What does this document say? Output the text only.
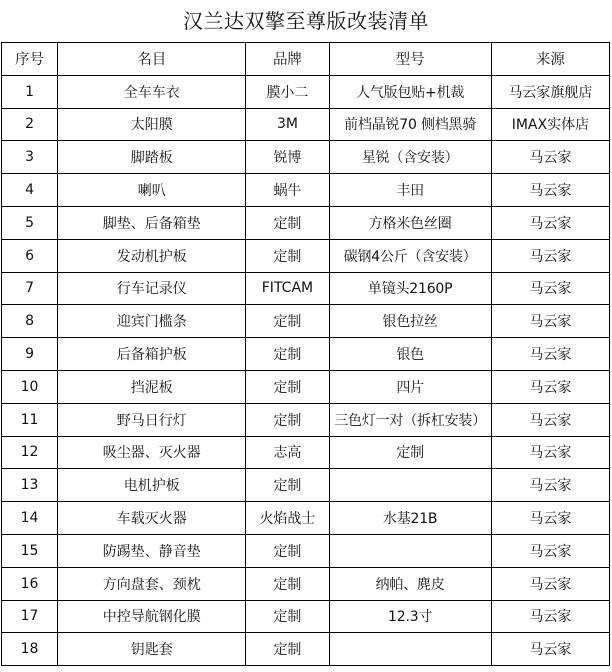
汉兰达双擎至尊版改装清单
序号	名目	品牌	型号	来源
1	全车车衣	膜小二	人气版包贴+机裁	马云家旗舰店
2	太阳膜	3M	前档晶锐70 侧档黑骑	IMAX实体店
3	脚踏板	锐博	星锐（含安装）	马云家
4	喇叭	蜗牛	丰田	马云家
5	脚垫、后备箱垫	定制	方格米色丝圈	马云家
6	发动机护板	定制	碳钢4公斤（含安装）	马云家
7	行车记录仪	FITCAM	单镜头2160P	马云家
8	迎宾门槛条	定制	银色拉丝	马云家
9	后备箱护板	定制	银色	马云家
10	挡泥板	定制	四片	马云家
11	野马日行灯	定制	三色灯一对（拆杠安装）	马云家
12	吸尘器、灭火器	志高	定制	马云家
13	电机护板	定制		马云家
14	车载灭火器	火焰战士	水基21B	马云家
15	防踢垫、静音垫	定制		马云家
16	方向盘套、颈枕	定制	纳帕、麂皮	马云家
17	中控导航钢化膜	定制	12.3寸	马云家
18	钥匙套	定制		马云家
